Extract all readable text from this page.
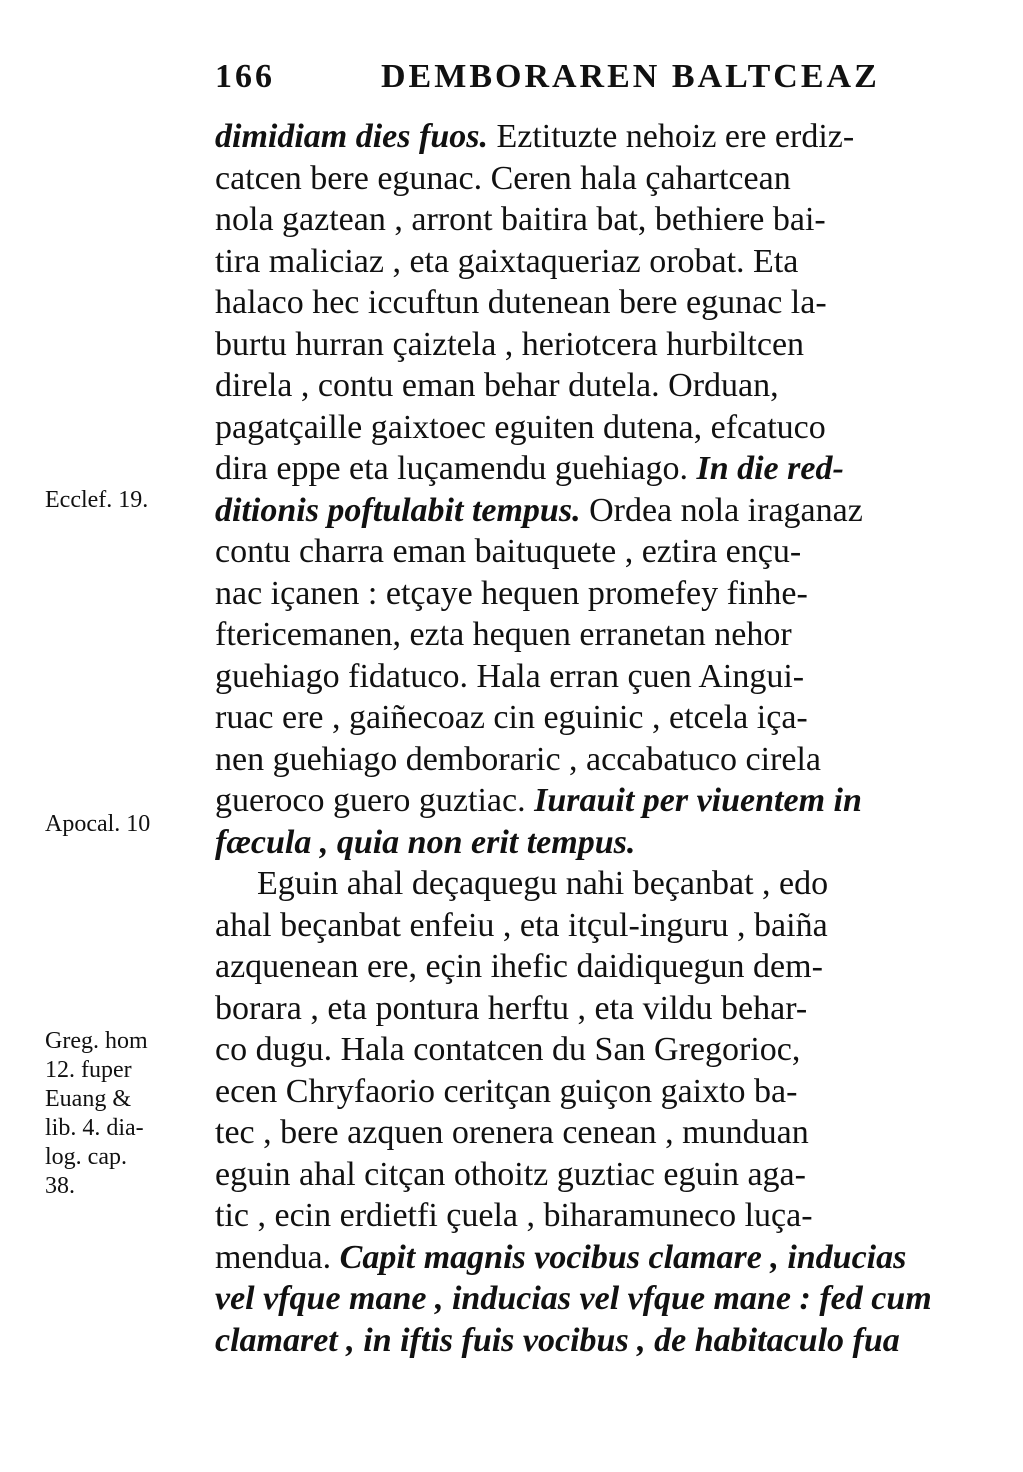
166	DEMBORAREN BALTCEAZ
dimidiam dies fuos. Eztituzte nehoiz ere erdiz-
catcen bere egunac. Ceren hala çahartcean
nola gaztean , arront baitira bat, bethiere bai-
tira maliciaz , eta gaixtaqueriaz orobat. Eta
halaco hec iccuftun dutenean bere egunac la-
burtu hurran çaiztela , heriotcera hurbiltcen
direla , contu eman behar dutela. Orduan,
pagatçaille gaixtoec eguiten dutena, efcatuco
dira eppe eta luçamendu guehiago. In die red-
ditionis poftulabit tempus. Ordea nola iraganaz
contu charra eman baituquete , eztira ençu-
nac içanen : etçaye hequen promefey finhe-
ftericemanen, ezta hequen erranetan nehor
guehiago fidatuco. Hala erran çuen Aingui-
ruac ere , gaiñecoaz cin eguinic , etcela iça-
nen guehiago demboraric , accabatuco cirela
gueroco guero guztiac. Iurauit per viuentem in
fæcula , quia non erit tempus.
Eguin ahal deçaquegu nahi beçanbat , edo
ahal beçanbat enfeiu , eta itçul-inguru , baiña
azquenean ere, eçin ihefic daidiquegun dem-
borara , eta pontura herftu , eta vildu behar-
co dugu. Hala contatcen du San Gregorioc,
ecen Chryfaorio ceritçan guiçon gaixto ba-
tec , bere azquen orenera cenean , munduan
eguin ahal citçan othoitz guztiac eguin aga-
tic , ecin erdietfi çuela , biharamuneco luça-
mendua. Capit magnis vocibus clamare , inducias
vel vfque mane , inducias vel vfque mane : fed cum
clamaret , in iftis fuis vocibus , de habitaculo fua
Ecclef. 19.
Apocal. 10
Greg. hom
12. fuper
Euang &
lib. 4. dia-
log. cap.
38.
